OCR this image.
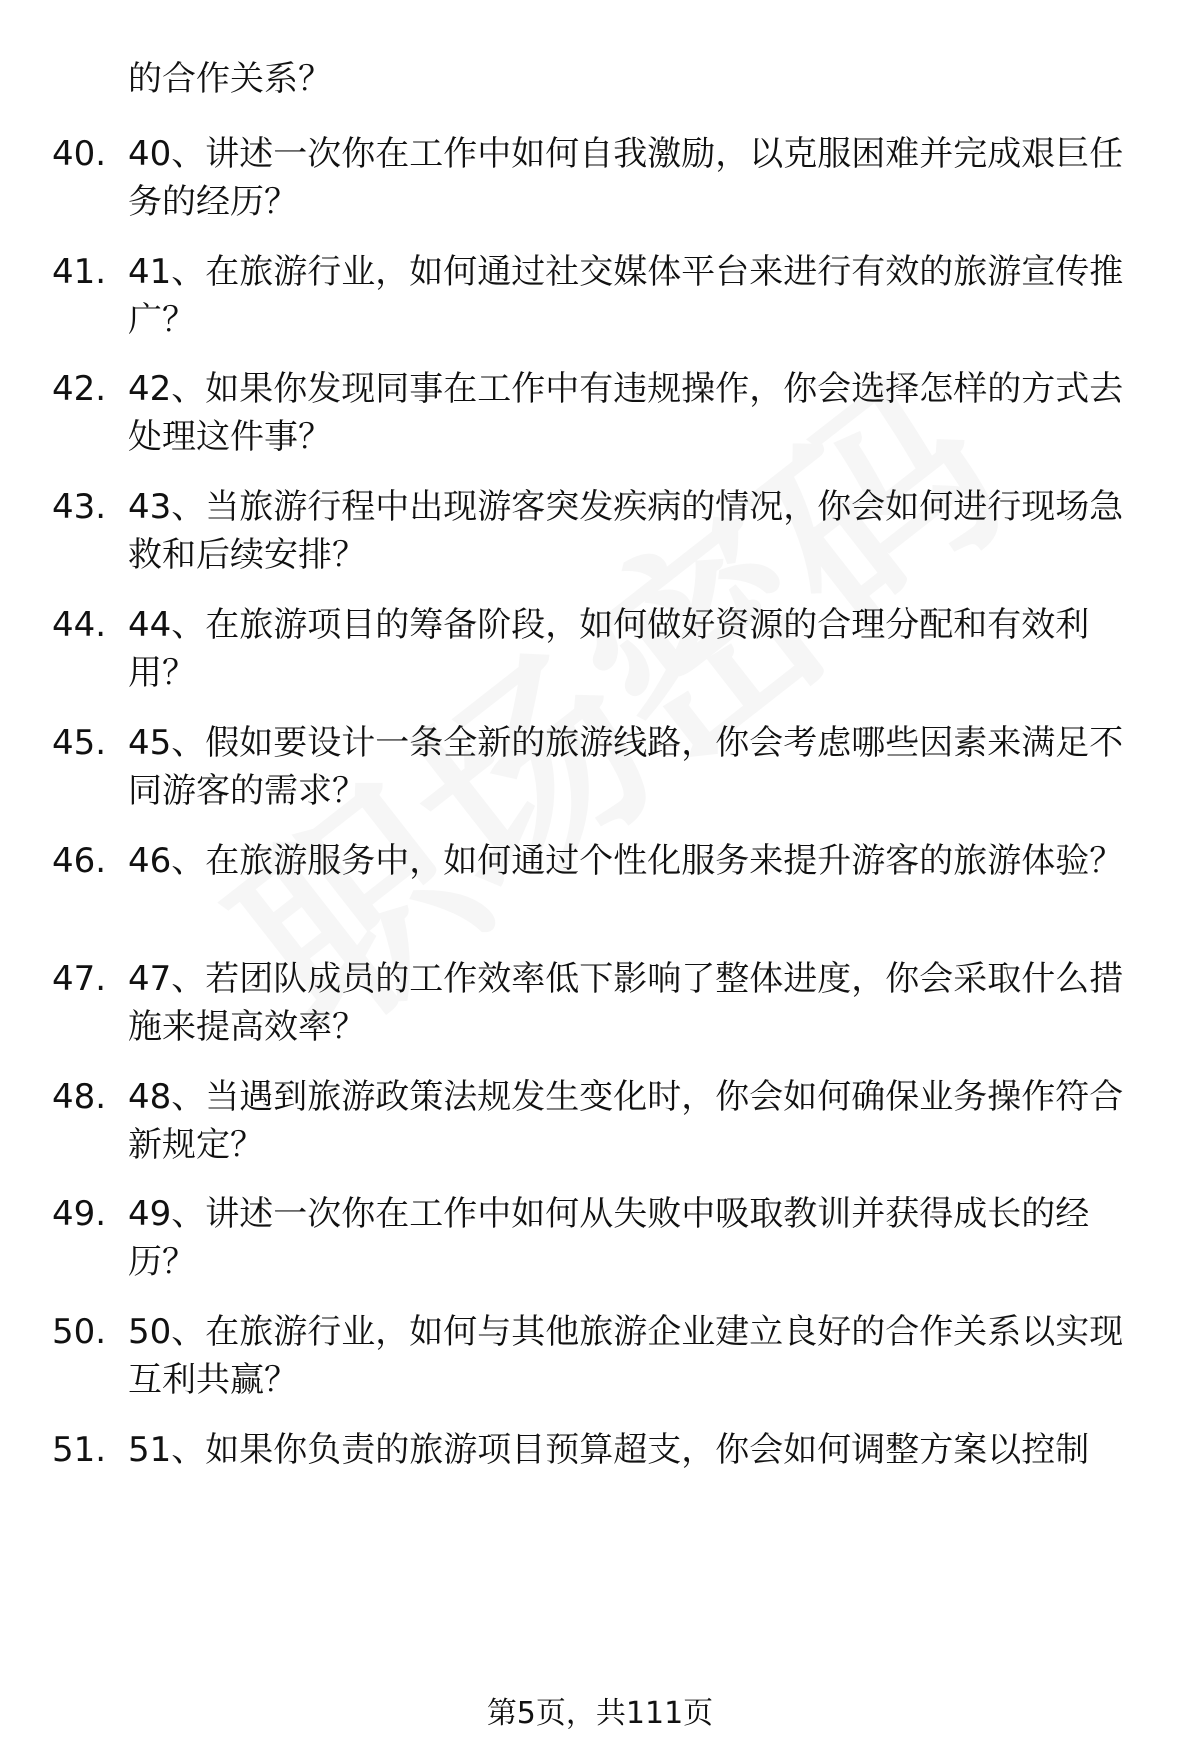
的合作关系？
40. 40、讲述一次你在工作中如何自我激励，以克服困难并完成艰巨任务的经历？
41. 41、在旅游行业，如何通过社交媒体平台来进行有效的旅游宣传推广？
42. 42、如果你发现同事在工作中有违规操作，你会选择怎样的方式去处理这件事？
43. 43、当旅游行程中出现游客突发疾病的情况，你会如何进行现场急救和后续安排？
44. 44、在旅游项目的筹备阶段，如何做好资源的合理分配和有效利用？
45. 45、假如要设计一条全新的旅游线路，你会考虑哪些因素来满足不同游客的需求？
46. 46、在旅游服务中，如何通过个性化服务来提升游客的旅游体验？
47. 47、若团队成员的工作效率低下影响了整体进度，你会采取什么措施来提高效率？
48. 48、当遇到旅游政策法规发生变化时，你会如何确保业务操作符合新规定？
49. 49、讲述一次你在工作中如何从失败中吸取教训并获得成长的经历？
50. 50、在旅游行业，如何与其他旅游企业建立良好的合作关系以实现互利共赢？
51. 51、如果你负责的旅游项目预算超支，你会如何调整方案以控制
第5页，共111页
